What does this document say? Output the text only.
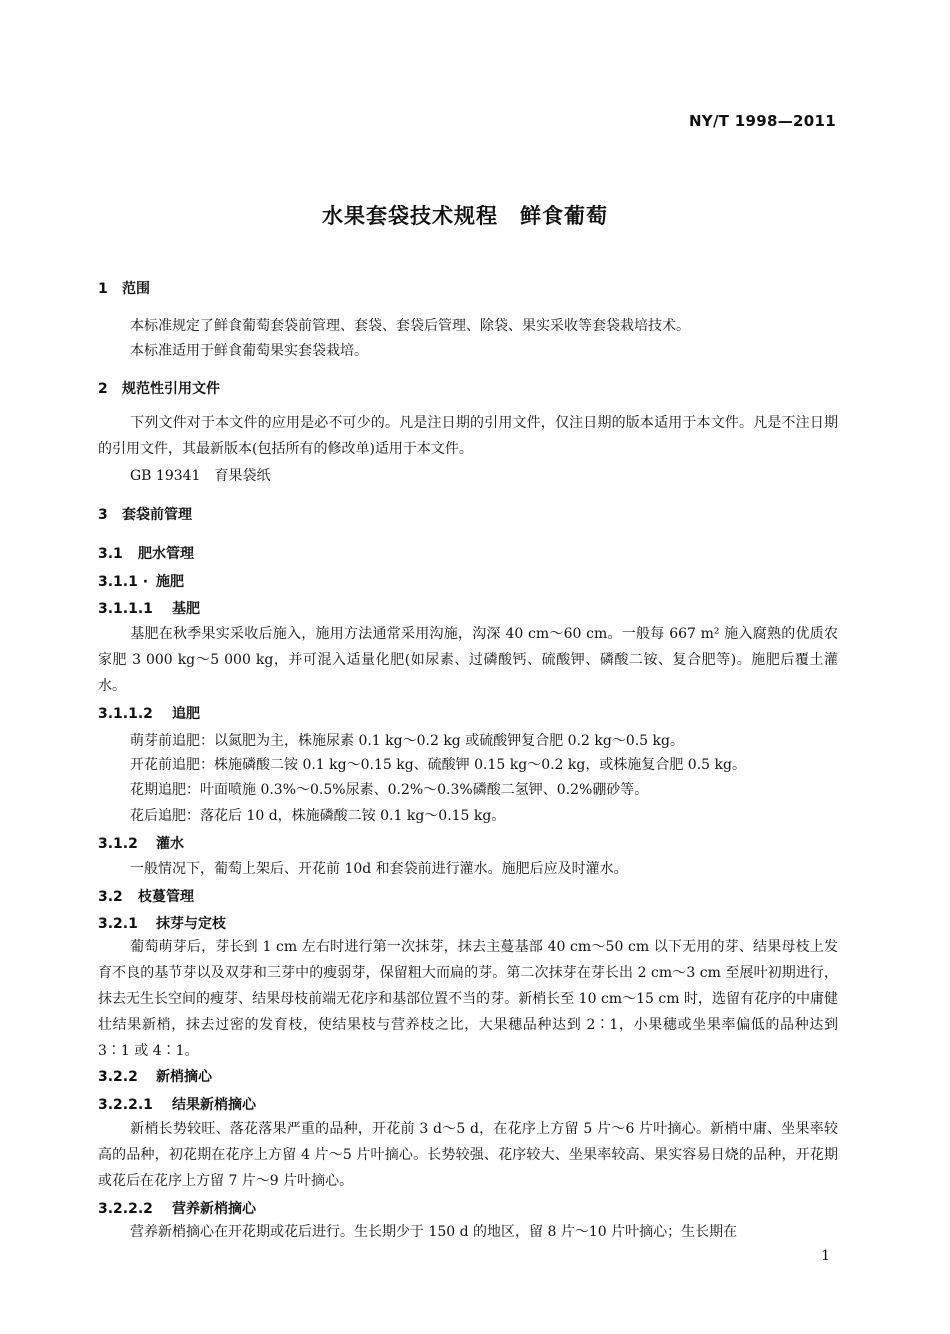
NY/T 1998—2011
水果套袋技术规程　鲜食葡萄
1 范围
本标准规定了鲜食葡萄套袋前管理、套袋、套袋后管理、除袋、果实采收等套袋栽培技术。
本标准适用于鲜食葡萄果实套袋栽培。
2 规范性引用文件
下列文件对于本文件的应用是必不可少的。凡是注日期的引用文件，仅注日期的版本适用于本文件。凡是不注日期的引用文件，其最新版本(包括所有的修改单)适用于本文件。
GB 19341　育果袋纸
3 套袋前管理
3.1 肥水管理
3.1.1 · 施肥
3.1.1.1 基肥
基肥在秋季果实采收后施入，施用方法通常采用沟施，沟深 40 cm～60 cm。一般每 667 m² 施入腐熟的优质农家肥 3 000 kg～5 000 kg，并可混入适量化肥(如尿素、过磷酸钙、硫酸钾、磷酸二铵、复合肥等)。施肥后覆土灌水。
3.1.1.2 追肥
萌芽前追肥：以氮肥为主，株施尿素 0.1 kg～0.2 kg 或硫酸钾复合肥 0.2 kg～0.5 kg。
开花前追肥：株施磷酸二铵 0.1 kg～0.15 kg、硫酸钾 0.15 kg～0.2 kg，或株施复合肥 0.5 kg。
花期追肥：叶面喷施 0.3%～0.5%尿素、0.2%～0.3%磷酸二氢钾、0.2%硼砂等。
花后追肥：落花后 10 d，株施磷酸二铵 0.1 kg～0.15 kg。
3.1.2 灌水
一般情况下，葡萄上架后、开花前 10d 和套袋前进行灌水。施肥后应及时灌水。
3.2 枝蔓管理
3.2.1 抹芽与定枝
葡萄萌芽后，芽长到 1 cm 左右时进行第一次抹芽，抹去主蔓基部 40 cm～50 cm 以下无用的芽、结果母枝上发育不良的基节芽以及双芽和三芽中的瘦弱芽，保留粗大而扁的芽。第二次抹芽在芽长出 2 cm～3 cm 至展叶初期进行，抹去无生长空间的瘦芽、结果母枝前端无花序和基部位置不当的芽。新梢长至 10 cm～15 cm 时，选留有花序的中庸健壮结果新梢，抹去过密的发育枝，使结果枝与营养枝之比，大果穗品种达到 2∶1，小果穗或坐果率偏低的品种达到 3∶1 或 4∶1。
3.2.2 新梢摘心
3.2.2.1 结果新梢摘心
新梢长势较旺、落花落果严重的品种，开花前 3 d～5 d，在花序上方留 5 片～6 片叶摘心。新梢中庸、坐果率较高的品种，初花期在花序上方留 4 片～5 片叶摘心。长势较强、花序较大、坐果率较高、果实容易日烧的品种，开花期或花后在花序上方留 7 片～9 片叶摘心。
3.2.2.2 营养新梢摘心
营养新梢摘心在开花期或花后进行。生长期少于 150 d 的地区，留 8 片～10 片叶摘心；生长期在
1
